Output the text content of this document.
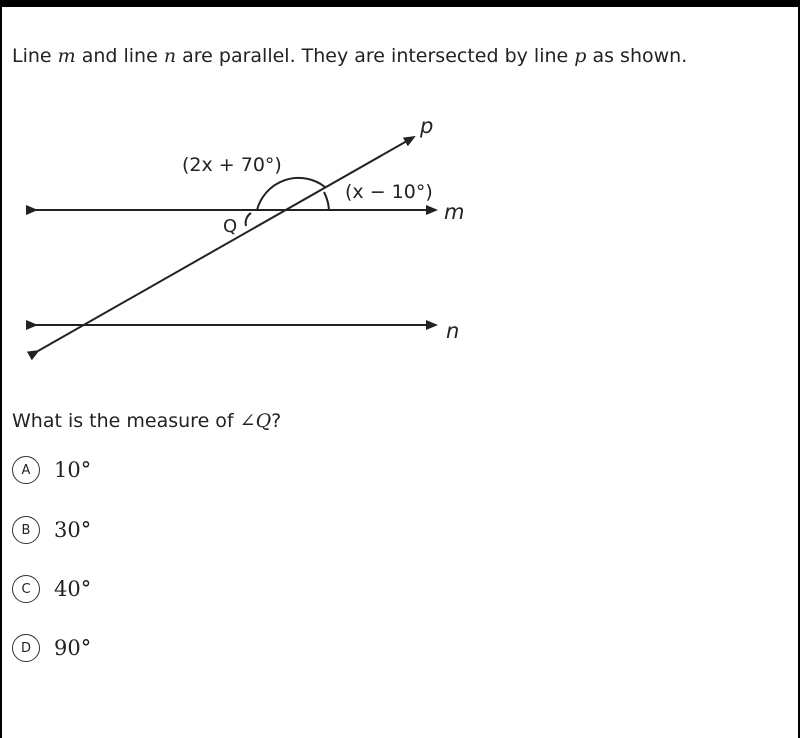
Line m and line n are parallel. They are intersected by line p as shown.
p
m
n
Q
(2x + 70°)
(x − 10°)
What is the measure of ∠Q?
A	10°
B	30°
C	40°
D	90°
